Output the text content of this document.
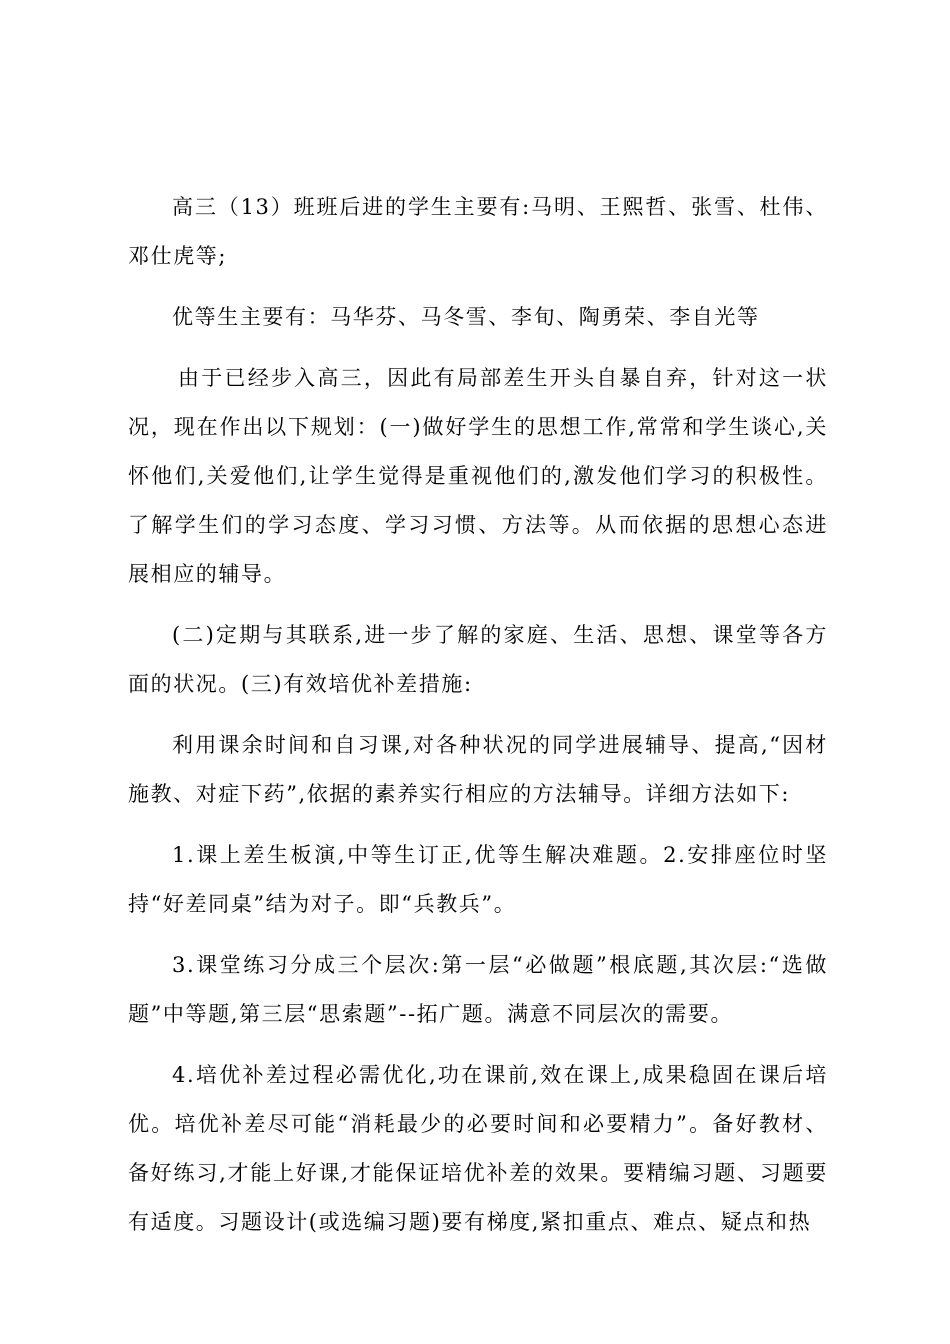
高三（13）班班后进的学生主要有:马明、王熙哲、张雪、杜伟、邓仕虎等;

优等生主要有：马华芬、马冬雪、李旬、陶勇荣、李自光等

由于已经步入高三，因此有局部差生开头自暴自弃，针对这一状况，现在作出以下规划：(一)做好学生的思想工作,常常和学生谈心,关怀他们,关爱他们,让学生觉得是重视他们的,激发他们学习的积极性。了解学生们的学习态度、学习习惯、方法等。从而依据的思想心态进展相应的辅导。

(二)定期与其联系,进一步了解的家庭、生活、思想、课堂等各方面的状况。(三)有效培优补差措施:

利用课余时间和自习课,对各种状况的同学进展辅导、提高,“因材施教、对症下药”,依据的素养实行相应的方法辅导。详细方法如下:

1.课上差生板演,中等生订正,优等生解决难题。2.安排座位时坚持“好差同桌”结为对子。即“兵教兵”。

3.课堂练习分成三个层次:第一层“必做题”根底题,其次层:“选做题”中等题,第三层“思索题”--拓广题。满意不同层次的需要。

4.培优补差过程必需优化,功在课前,效在课上,成果稳固在课后培优。培优补差尽可能“消耗最少的必要时间和必要精力”。备好教材、备好练习,才能上好课,才能保证培优补差的效果。要精编习题、习题要有适度。习题设计(或选编习题)要有梯度,紧扣重点、难点、疑点和热
